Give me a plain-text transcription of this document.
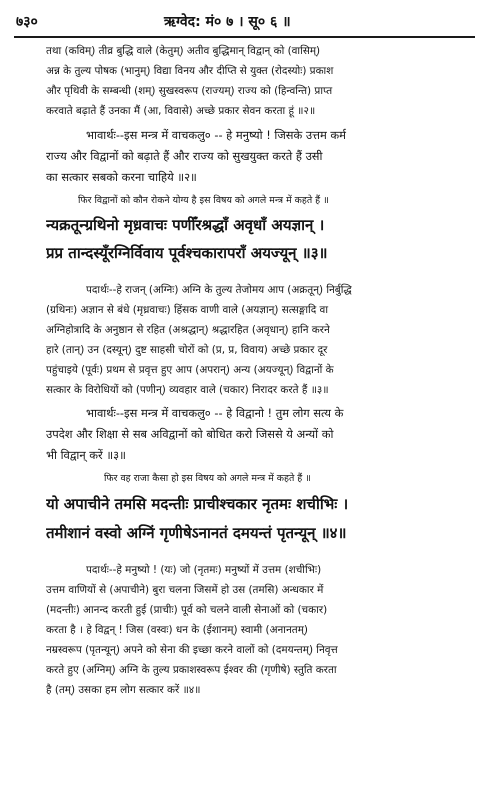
७३०	ऋग्वेद: मं० ७ । सू० ६ ॥
तथा (कविम्) तीव्र बुद्धि वाले (केतुम्) अतीव बुद्धिमान् विद्वान् को (वासिम्)
अन्न के तुल्य पोषक (भानुम्) विद्या विनय और दीप्ति से युक्त (रोदस्योः) प्रकाश
और पृथिवी के सम्बन्धी (शम्) सुखस्वरूप (राज्यम्) राज्य को (हिन्वन्ति) प्राप्त
करवाते बढ़ाते हैं उनका मैं (आ, विवासे) अच्छे प्रकार सेवन करता हूं ॥२॥
भावार्थः--इस मन्त्र में वाचकलु० -- हे मनुष्यो ! जिसके उत्तम कर्म
राज्य और विद्वानों को बढ़ाते हैं और राज्य को सुखयुक्त करते हैं उसी
का सत्कार सबको करना चाहिये ॥२॥
फिर विद्वानों को कौन रोकने योग्य है इस विषय को अगले मन्त्र में कहते हैं ॥
न्यक्रतून्ग्रथिनो मृध्रवाचः पणीँरश्रद्धाँ अवृधाँ अयज्ञान् ।
प्रप्र तान्दस्यूँरग्निर्विवाय पूर्वश्चकारापराँ अयज्यून् ॥३॥
पदार्थः--हे राजन् (अग्निः) अग्नि के तुल्य तेजोमय आप (अक्रतून्) निर्बुद्धि
(ग्रथिनः) अज्ञान से बंधे (मृध्रवाचः) हिंसक वाणी वाले (अयज्ञान्) सत्सङ्गादि वा
अग्निहोत्रादि के अनुष्ठान से रहित (अश्रद्धान्) श्रद्धारहित (अवृधान्) हानि करने
हारे (तान्) उन (दस्यून्) दुष्ट साहसी चोरों को (प्र, प्र, विवाय) अच्छे प्रकार दूर
पहुंचाइये (पूर्वः) प्रथम से प्रवृत्त हुए आप (अपरान्) अन्य (अयज्यून्) विद्वानों के
सत्कार के विरोधियों को (पणीन्) व्यवहार वाले (चकार) निरादर करते हैं ॥३॥
भावार्थः--इस मन्त्र में वाचकलु० -- हे विद्वानो ! तुम लोग सत्य के
उपदेश और शिक्षा से सब अविद्वानों को बोधित करो जिससे ये अन्यों को
भी विद्वान् करें ॥३॥
फिर वह राजा कैसा हो इस विषय को अगले मन्त्र में कहते हैं ॥
यो अपाचीने तमसि मदन्तीः प्राचीश्चकार नृतमः शचीभिः ।
तमीशानं वस्वो अग्निं गृणीषेऽनानतं दमयन्तं पृतन्यून् ॥४॥
पदार्थः--हे मनुष्यो ! (यः) जो (नृतमः) मनुष्यों में उत्तम (शचीभिः)
उत्तम वाणियों से (अपाचीने) बुरा चलना जिसमें हो उस (तमसि) अन्धकार में
(मदन्तीः) आनन्द करती हुई (प्राचीः) पूर्व को चलने वाली सेनाओं को (चकार)
करता है । हे विद्वन् ! जिस (वस्वः) धन के (ईशानम्) स्वामी (अनानतम्)
नम्रस्वरूप (पृतन्यून्) अपने को सेना की इच्छा करने वालों को (दमयन्तम्) निवृत्त
करते हुए (अग्निम्) अग्नि के तुल्य प्रकाशस्वरूप ईश्वर की (गृणीषे) स्तुति करता
है (तम्) उसका हम लोग सत्कार करें ॥४॥
